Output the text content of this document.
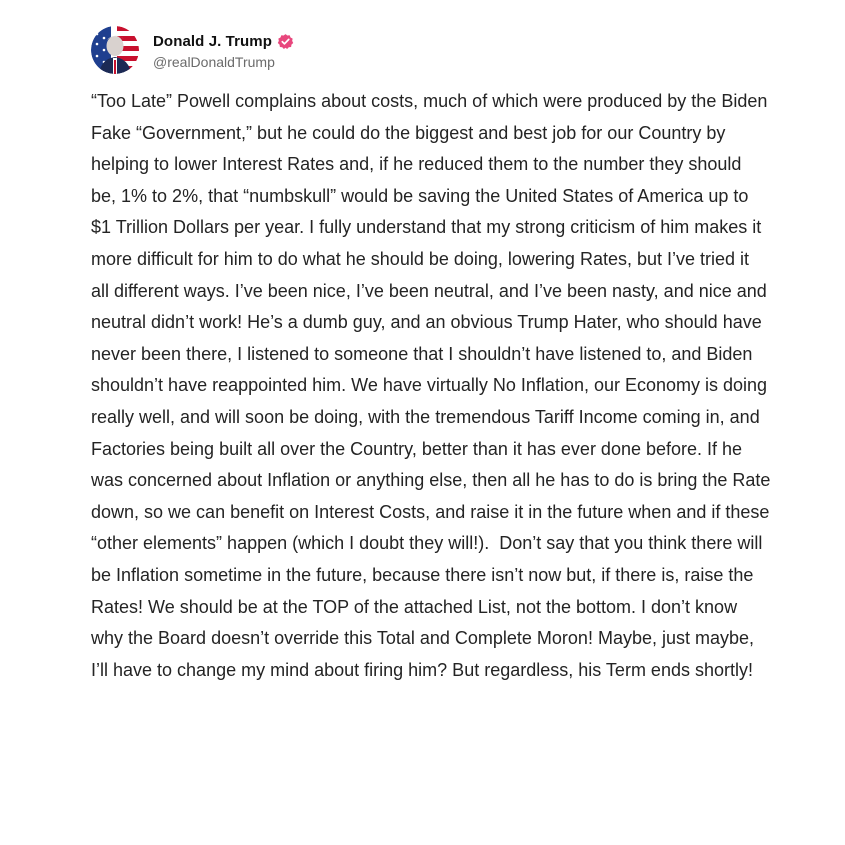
Donald J. Trump
@realDonaldTrump
“Too Late” Powell complains about costs, much of which were produced by the Biden Fake “Government,” but he could do the biggest and best job for our Country by helping to lower Interest Rates and, if he reduced them to the number they should be, 1% to 2%, that “numbskull” would be saving the United States of America up to $1 Trillion Dollars per year. I fully understand that my strong criticism of him makes it more difficult for him to do what he should be doing, lowering Rates, but I’ve tried it all different ways. I’ve been nice, I’ve been neutral, and I’ve been nasty, and nice and neutral didn’t work! He’s a dumb guy, and an obvious Trump Hater, who should have never been there, I listened to someone that I shouldn’t have listened to, and Biden shouldn’t have reappointed him. We have virtually No Inflation, our Economy is doing really well, and will soon be doing, with the tremendous Tariff Income coming in, and Factories being built all over the Country, better than it has ever done before. If he was concerned about Inflation or anything else, then all he has to do is bring the Rate down, so we can benefit on Interest Costs, and raise it in the future when and if these “other elements” happen (which I doubt they will!).  Don’t say that you think there will be Inflation sometime in the future, because there isn’t now but, if there is, raise the Rates! We should be at the TOP of the attached List, not the bottom. I don’t know why the Board doesn’t override this Total and Complete Moron! Maybe, just maybe, I’ll have to change my mind about firing him? But regardless, his Term ends shortly!
